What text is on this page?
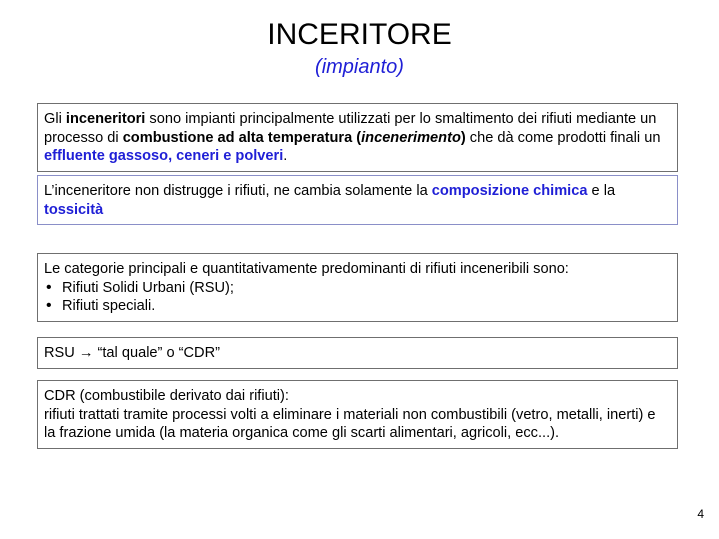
INCERITORE
(impianto)
Gli inceneritori sono impianti principalmente utilizzati per lo smaltimento dei rifiuti mediante un processo di combustione ad alta temperatura (incenerimento) che dà come prodotti finali un effluente gassoso, ceneri e polveri.
L’inceneritore non distrugge i rifiuti, ne cambia solamente la composizione chimica e la tossicità
Le categorie principali e quantitativamente predominanti di rifiuti inceneribili sono:
• Rifiuti Solidi Urbani (RSU);
• Rifiuti speciali.
RSU → “tal quale” o “CDR”
CDR (combustibile derivato dai rifiuti):
rifiuti trattati tramite processi volti a eliminare i materiali non combustibili (vetro, metalli, inerti) e la frazione umida (la materia organica come gli scarti alimentari, agricoli, ecc...).
4
